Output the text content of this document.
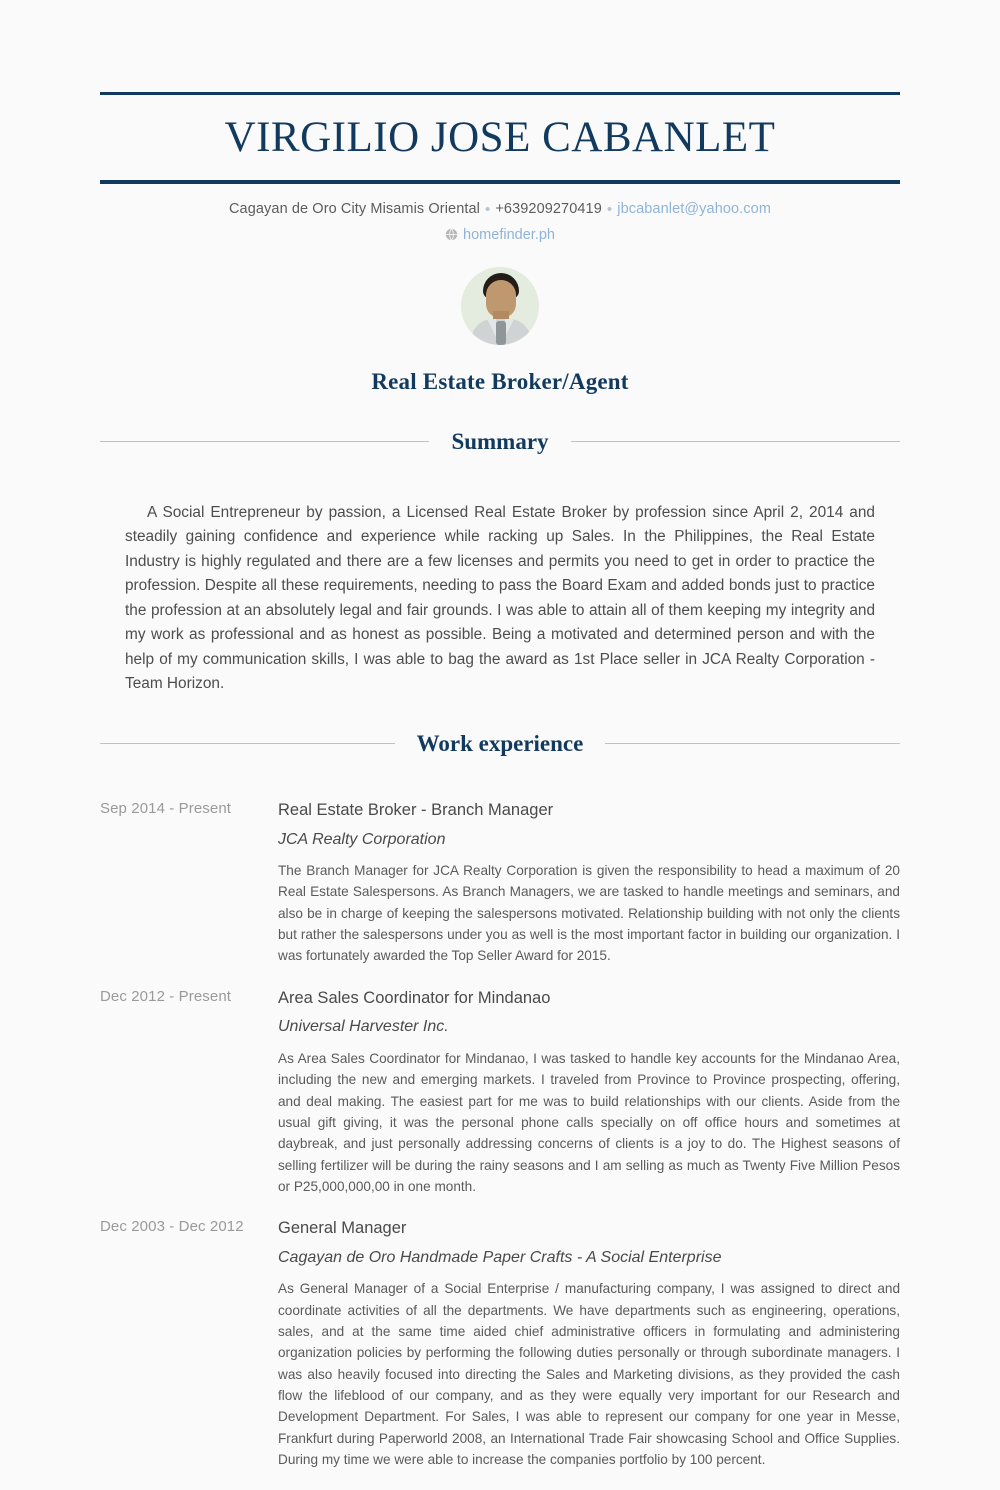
VIRGILIO JOSE CABANLET
Cagayan de Oro City Misamis Oriental • +639209270419 • jbcabanlet@yahoo.com
homefinder.ph
Real Estate Broker/Agent
Summary
A Social Entrepreneur by passion, a Licensed Real Estate Broker by profession since April 2, 2014 and steadily gaining confidence and experience while racking up Sales. In the Philippines, the Real Estate Industry is highly regulated and there are a few licenses and permits you need to get in order to practice the profession. Despite all these requirements, needing to pass the Board Exam and added bonds just to practice the profession at an absolutely legal and fair grounds. I was able to attain all of them keeping my integrity and my work as professional and as honest as possible. Being a motivated and determined person and with the help of my communication skills, I was able to bag the award as 1st Place seller in JCA Realty Corporation - Team Horizon.
Work experience
Sep 2014 - Present	Real Estate Broker - Branch Manager
JCA Realty Corporation
The Branch Manager for JCA Realty Corporation is given the responsibility to head a maximum of 20 Real Estate Salespersons. As Branch Managers, we are tasked to handle meetings and seminars, and also be in charge of keeping the salespersons motivated. Relationship building with not only the clients but rather the salespersons under you as well is the most important factor in building our organization. I was fortunately awarded the Top Seller Award for 2015.
Dec 2012 - Present	Area Sales Coordinator for Mindanao
Universal Harvester Inc.
As Area Sales Coordinator for Mindanao, I was tasked to handle key accounts for the Mindanao Area, including the new and emerging markets. I traveled from Province to Province prospecting, offering, and deal making. The easiest part for me was to build relationships with our clients. Aside from the usual gift giving, it was the personal phone calls specially on off office hours and sometimes at daybreak, and just personally addressing concerns of clients is a joy to do. The Highest seasons of selling fertilizer will be during the rainy seasons and I am selling as much as Twenty Five Million Pesos or P25,000,000,00 in one month.
Dec 2003 - Dec 2012	General Manager
Cagayan de Oro Handmade Paper Crafts - A Social Enterprise
As General Manager of a Social Enterprise / manufacturing company, I was assigned to direct and coordinate activities of all the departments. We have departments such as engineering, operations, sales, and at the same time aided chief administrative officers in formulating and administering organization policies by performing the following duties personally or through subordinate managers. I was also heavily focused into directing the Sales and Marketing divisions, as they provided the cash flow the lifeblood of our company, and as they were equally very important for our Research and Development Department. For Sales, I was able to represent our company for one year in Messe, Frankfurt during Paperworld 2008, an International Trade Fair showcasing School and Office Supplies. During my time we were able to increase the companies portfolio by 100 percent.
